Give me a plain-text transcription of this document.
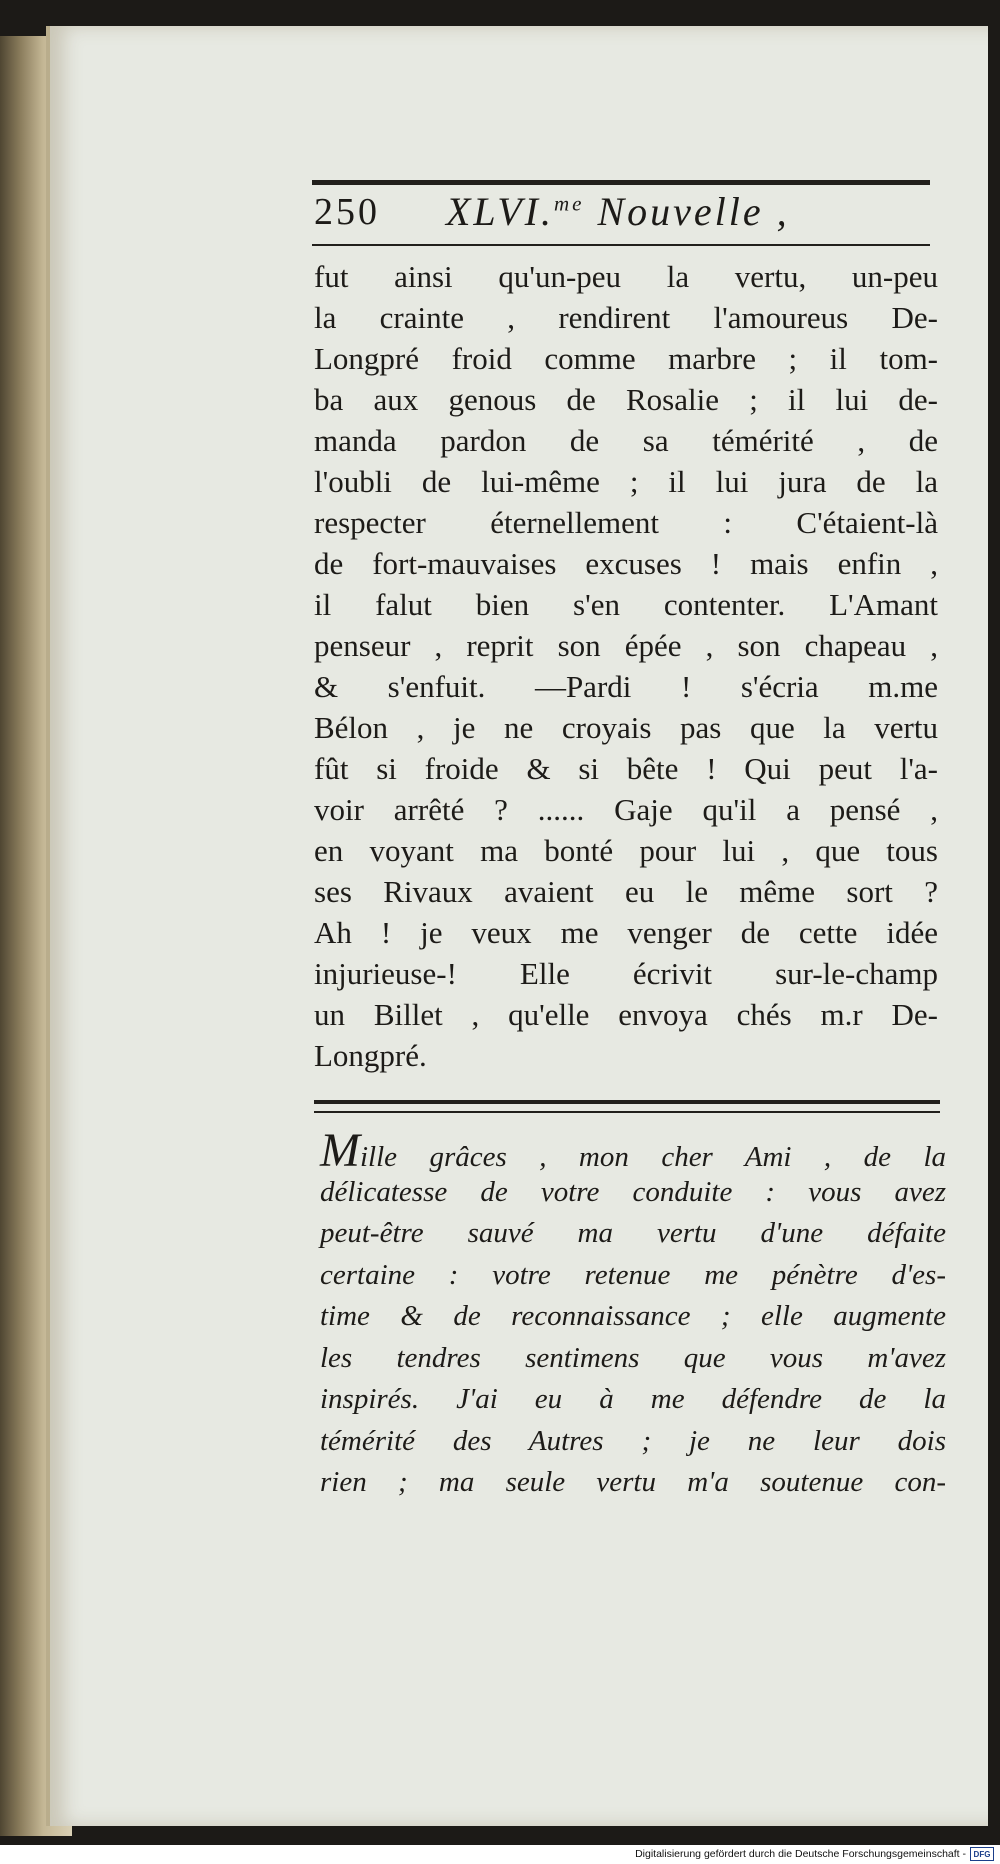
250 XLVI.$^{me}$ Nouvelle ,
fut ainsi qu'un-peu la vertu, un-peu
la crainte , rendirent l'amoureus De-
Longpré froid comme marbre ; il tom-
ba aux genous de Rosalie ; il lui de-
manda pardon de sa témérité , de
l'oubli de lui-même ; il lui jura de la
respecter éternellement : C'étaient-là
de fort-mauvaises excuses ! mais enfin ,
il falut bien s'en contenter. L'Amant
penseur , reprit son épée , son chapeau ,
& s'enfuit. —Pardi ! s'écria m.me
Bélon , je ne croyais pas que la vertu
fût si froide & si bête ! Qui peut l'a-
voir arrêté ? ...... Gaje qu'il a pensé ,
en voyant ma bonté pour lui , que tous
ses Rivaux avaient eu le même sort ?
Ah ! je veux me venger de cette idée
injurieuse-! Elle écrivit sur-le-champ
un Billet , qu'elle envoya chés m.r De-
Longpré.
Mille grâces , mon cher Ami , de la
délicatesse de votre conduite : vous avez
peut-être sauvé ma vertu d'une défaite
certaine : votre retenue me pénètre d'es-
time & de reconnaissance ; elle augmente
les tendres sentimens que vous m'avez
inspirés. J'ai eu à me défendre de la
témérité des Autres ; je ne leur dois
rien ; ma seule vertu m'a soutenue con-
Digitalisierung gefördert durch die Deutsche Forschungsgemeinschaft - DFG
